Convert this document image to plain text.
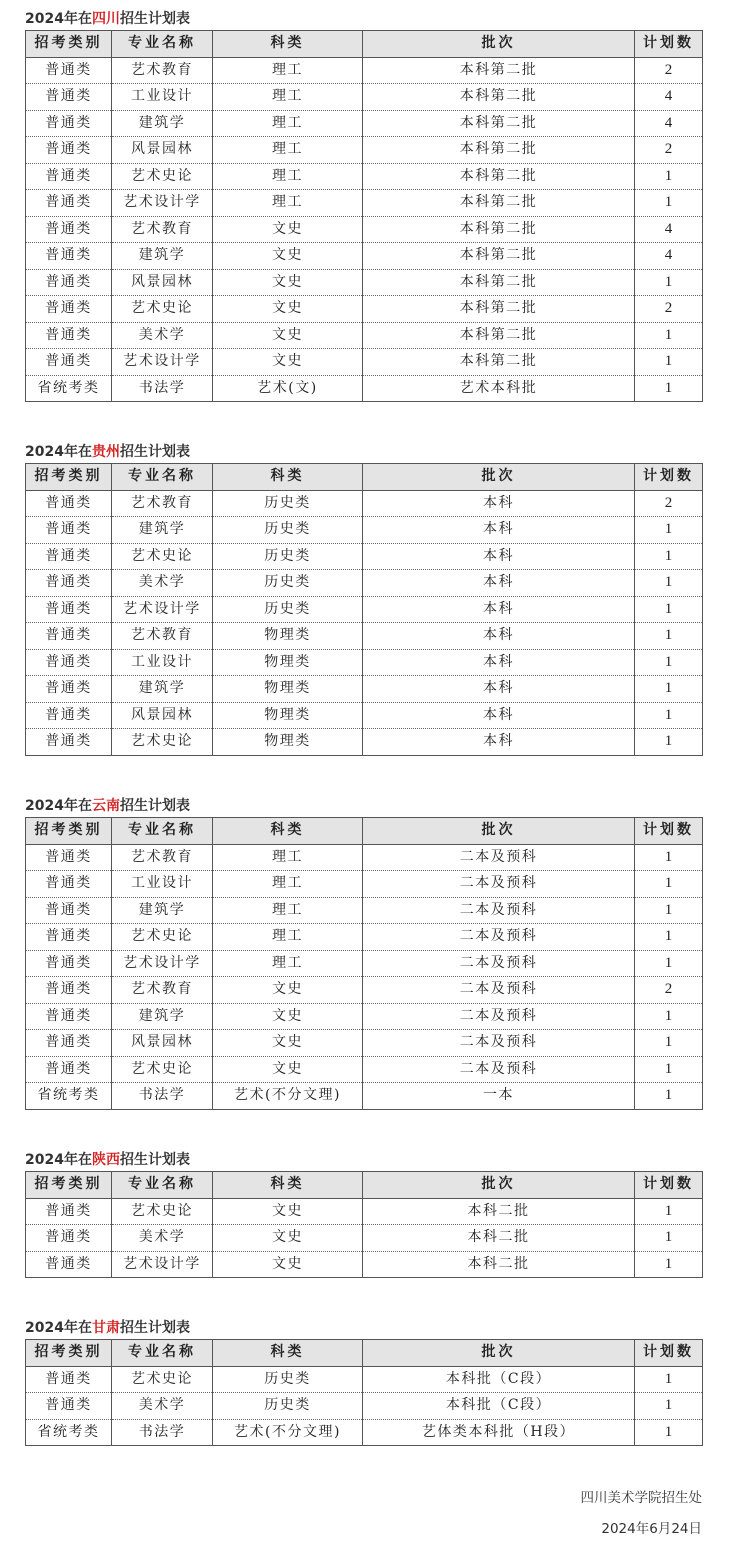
2024年在四川招生计划表
招考类别	专业名称	科类	批次	计划数
普通类	艺术教育	理工	本科第二批	2
普通类	工业设计	理工	本科第二批	4
普通类	建筑学	理工	本科第二批	4
普通类	风景园林	理工	本科第二批	2
普通类	艺术史论	理工	本科第二批	1
普通类	艺术设计学	理工	本科第二批	1
普通类	艺术教育	文史	本科第二批	4
普通类	建筑学	文史	本科第二批	4
普通类	风景园林	文史	本科第二批	1
普通类	艺术史论	文史	本科第二批	2
普通类	美术学	文史	本科第二批	1
普通类	艺术设计学	文史	本科第二批	1
省统考类	书法学	艺术(文)	艺术本科批	1
2024年在贵州招生计划表
招考类别	专业名称	科类	批次	计划数
普通类	艺术教育	历史类	本科	2
普通类	建筑学	历史类	本科	1
普通类	艺术史论	历史类	本科	1
普通类	美术学	历史类	本科	1
普通类	艺术设计学	历史类	本科	1
普通类	艺术教育	物理类	本科	1
普通类	工业设计	物理类	本科	1
普通类	建筑学	物理类	本科	1
普通类	风景园林	物理类	本科	1
普通类	艺术史论	物理类	本科	1
2024年在云南招生计划表
招考类别	专业名称	科类	批次	计划数
普通类	艺术教育	理工	二本及预科	1
普通类	工业设计	理工	二本及预科	1
普通类	建筑学	理工	二本及预科	1
普通类	艺术史论	理工	二本及预科	1
普通类	艺术设计学	理工	二本及预科	1
普通类	艺术教育	文史	二本及预科	2
普通类	建筑学	文史	二本及预科	1
普通类	风景园林	文史	二本及预科	1
普通类	艺术史论	文史	二本及预科	1
省统考类	书法学	艺术(不分文理)	一本	1
2024年在陕西招生计划表
招考类别	专业名称	科类	批次	计划数
普通类	艺术史论	文史	本科二批	1
普通类	美术学	文史	本科二批	1
普通类	艺术设计学	文史	本科二批	1
2024年在甘肃招生计划表
招考类别	专业名称	科类	批次	计划数
普通类	艺术史论	历史类	本科批（C段）	1
普通类	美术学	历史类	本科批（C段）	1
省统考类	书法学	艺术(不分文理)	艺体类本科批（H段）	1
四川美术学院招生处
2024年6月24日
